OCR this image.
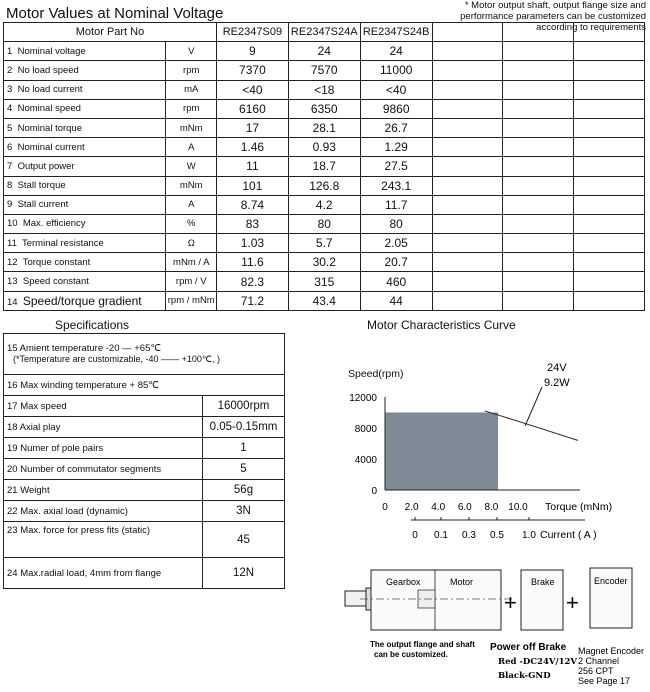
Motor Values at Nominal Voltage	* Motor output shaft, output flange size and performance parameters can be customized according to requirements
Motor Part No		RE2347S09	RE2347S24A	RE2347S24B			
1 Nominal voltage	V	9	24	24			
2 No load speed	rpm	7370	7570	11000			
3 No load current	mA	<40	<18	<40			
4 Nominal speed	rpm	6160	6350	9860			
5 Nominal torque	mNm	17	28.1	26.7			
6 Nominal current	A	1.46	0.93	1.29			
7 Output power	W	11	18.7	27.5			
8 Stall torque	mNm	101	126.8	243.1			
9 Stall current	A	8.74	4.2	11.7			
10 Max. efficiency	%	83	80	80			
11 Terminal resistance	Ω	1.03	5.7	2.05			
12 Torque constant	mNm / A	11.6	30.2	20.7			
13 Speed constant	rpm / V	82.3	315	460			
14 Speed/torque gradient	rpm / mNm	71.2	43.4	44			
Specifications	Motor Characteristics Curve
15 Amient temperature -20 — +65℃
(*Temperature are customizable, -40 —— +100℃, )	

16 Max winding temperature + 85℃	
17 Max speed	16000rpm
18 Axial play	0.05-0.15mm
19 Numer of pole pairs	1
20 Number of commutator segments	5
21 Weight	56g
22 Max. axial load (dynamic)	3N
23 Max. force for press fits (static)	45
24 Max.radial load, 4mm from flange	12N
Speed(rpm)
12000
8000
4000
0
24V
9.2W
0 2.0 4.0 6.0 8.0 10.0 Torque (mNm)
0 0.1 0.3 0.5 1.0 Current ( A )
Gearbox	Motor
+
Brake
+
Encoder
The output flange and shaft
can be customized.
Power off Brake
Red -DC24V/12V
Black-GND
Magnet Encoder
2 Channel
256 CPT
See Page 17
